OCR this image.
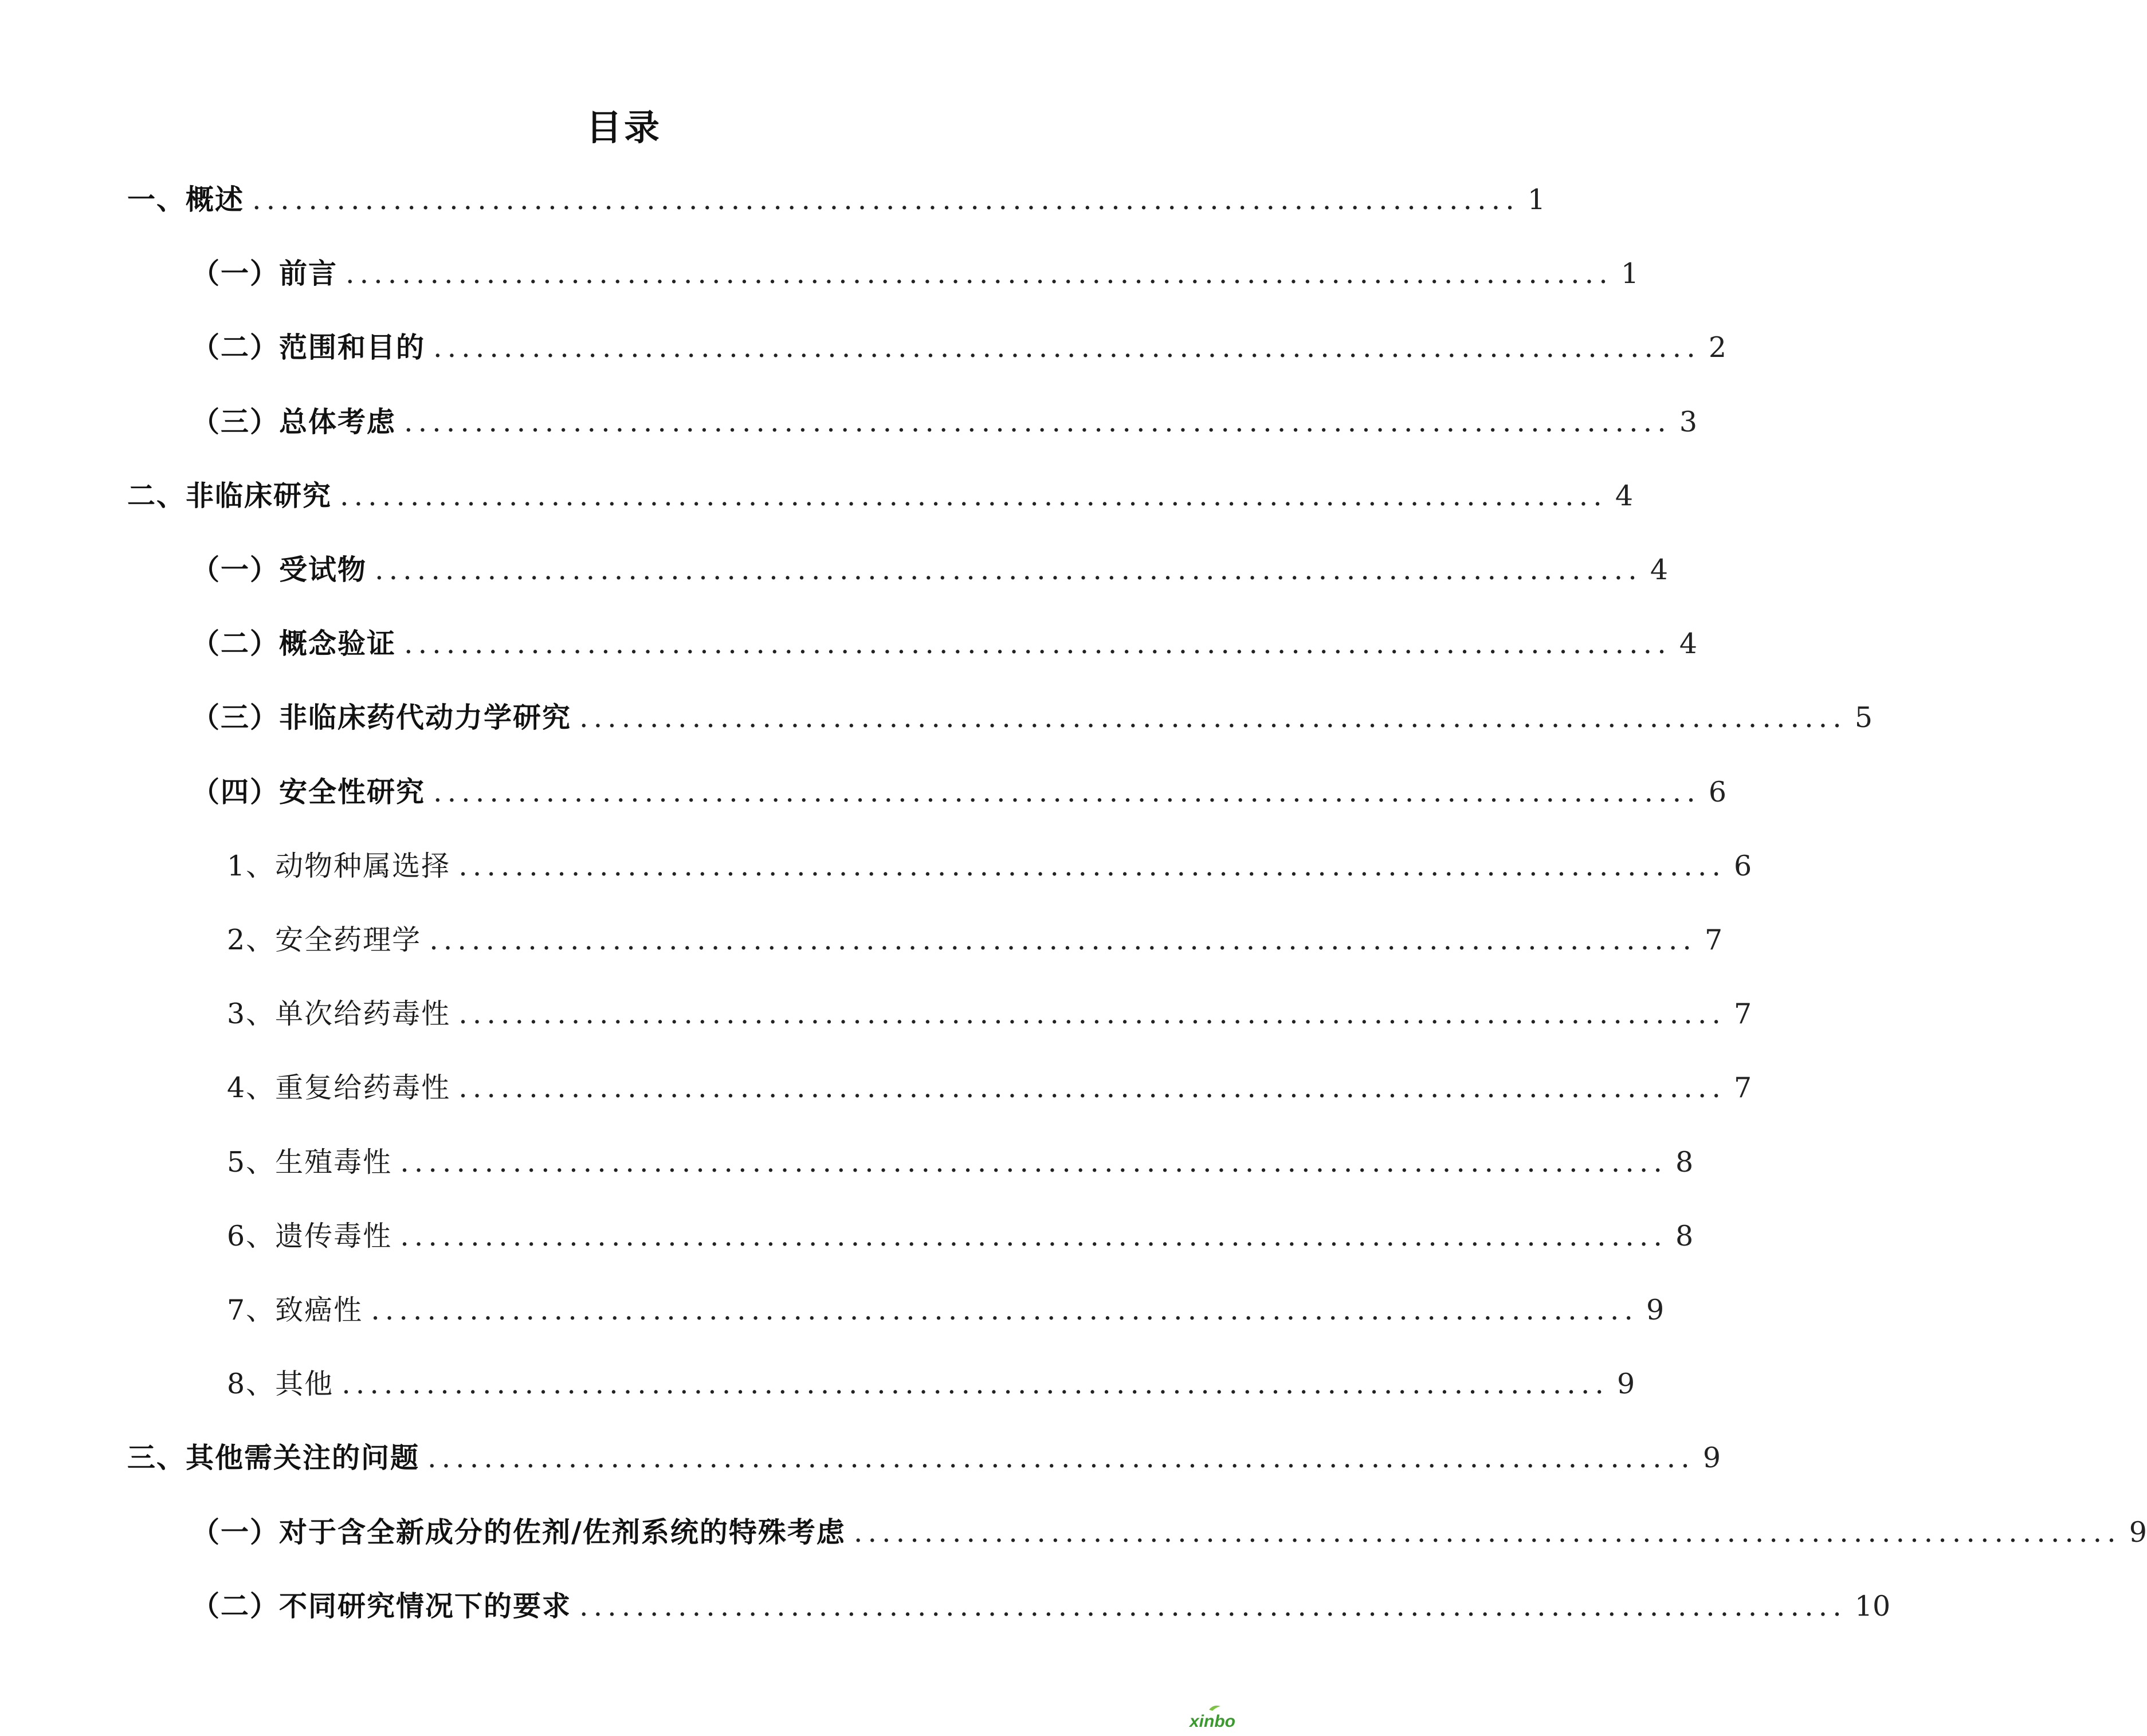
目录
一、概述 .......................................................................................... 1
（一）前言 .......................................................................................... 1
（二）范围和目的 .......................................................................................... 2
（三）总体考虑 .......................................................................................... 3
二、非临床研究 .......................................................................................... 4
（一）受试物 .......................................................................................... 4
（二）概念验证 .......................................................................................... 4
（三）非临床药代动力学研究 .......................................................................................... 5
（四）安全性研究 .......................................................................................... 6
1、动物种属选择 .......................................................................................... 6
2、安全药理学 .......................................................................................... 7
3、单次给药毒性 .......................................................................................... 7
4、重复给药毒性 .......................................................................................... 7
5、生殖毒性 .......................................................................................... 8
6、遗传毒性 .......................................................................................... 8
7、致癌性 .......................................................................................... 9
8、其他 .......................................................................................... 9
三、其他需关注的问题 .......................................................................................... 9
（一）对于含全新成分的佐剂/佐剂系统的特殊考虑 .......................................................................................... 9
（二）不同研究情况下的要求 .......................................................................................... 10
xinbo
